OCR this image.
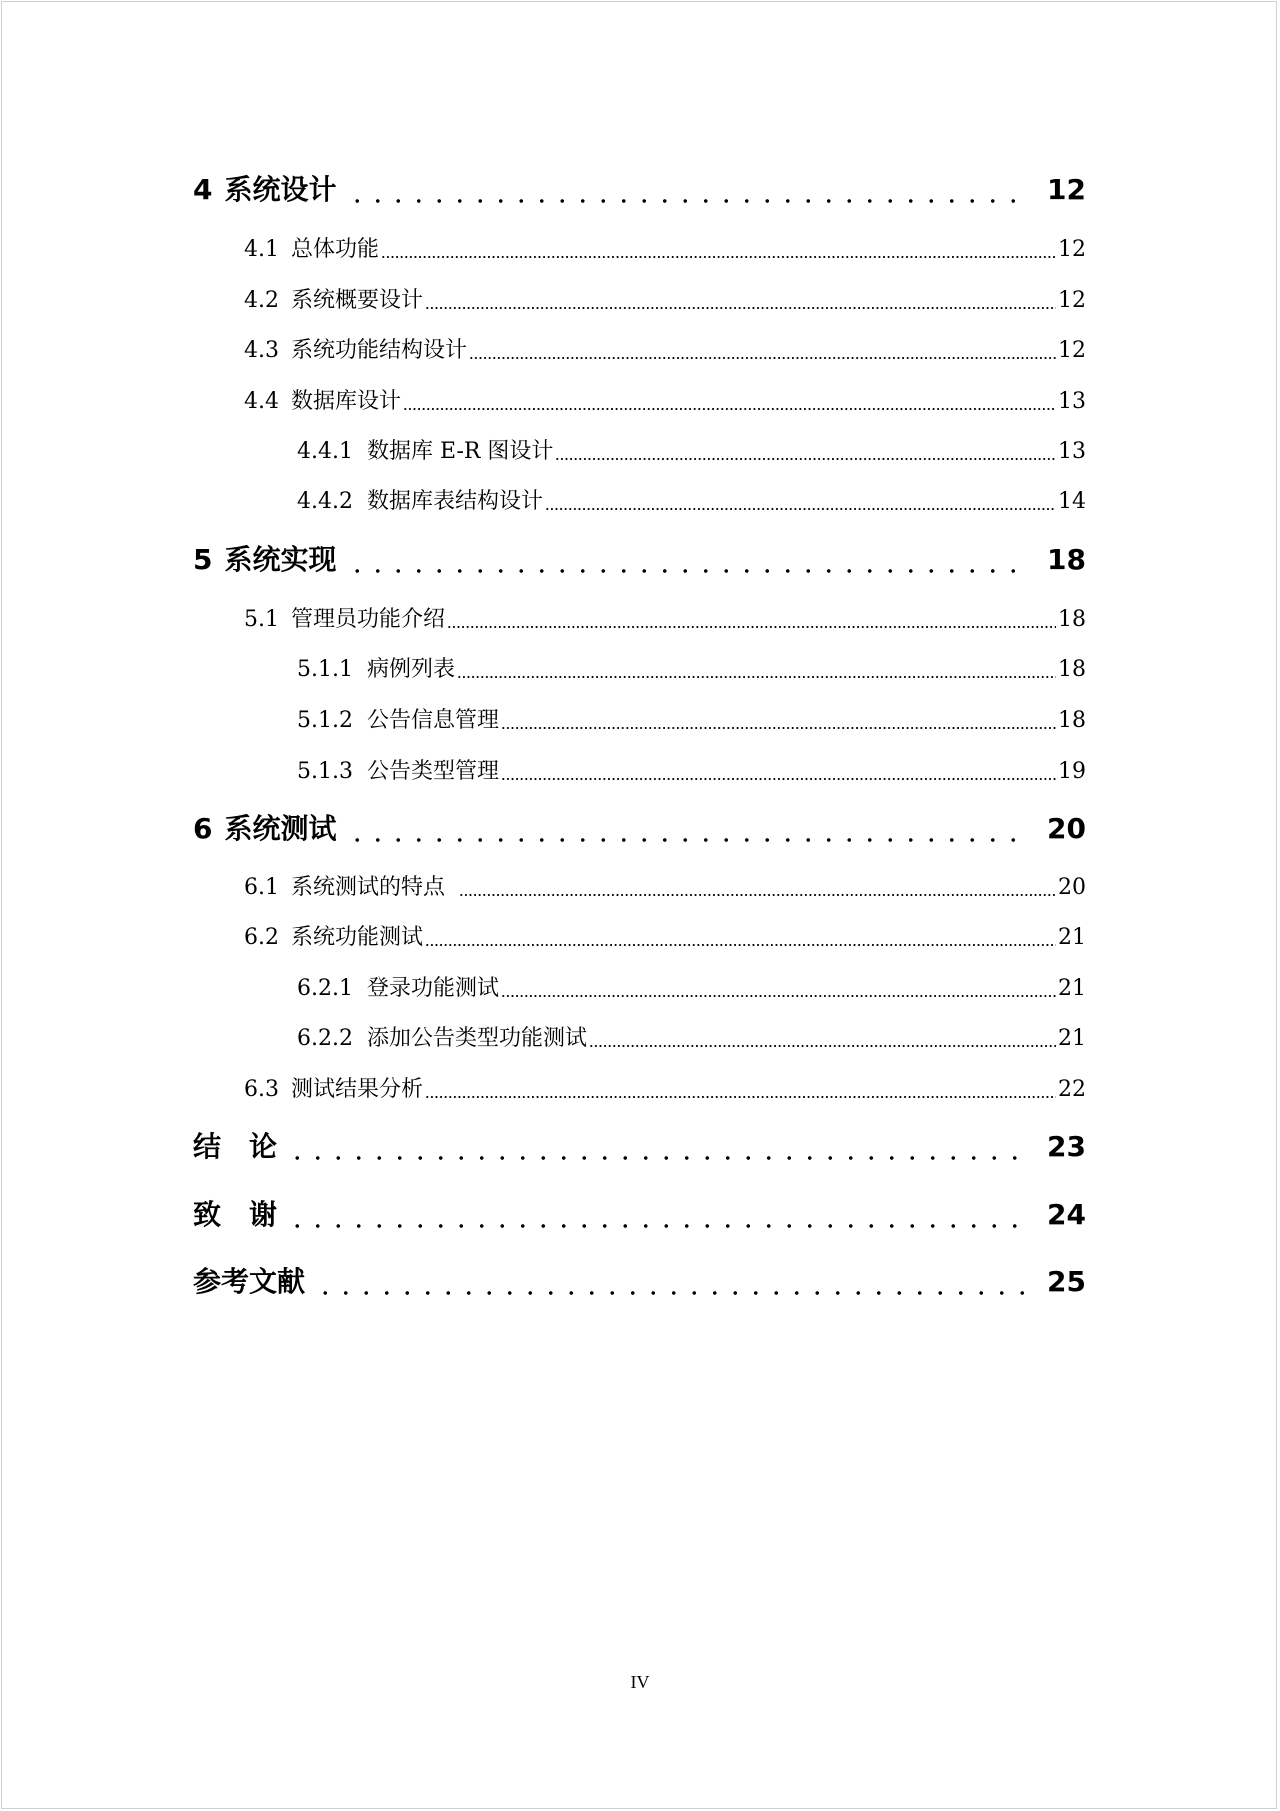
4 系统设计	12
4.1 总体功能	12
4.2 系统概要设计	12
4.3 系统功能结构设计	12
4.4 数据库设计	13
4.4.1 数据库 E-R 图设计	13
4.4.2 数据库表结构设计	14
5 系统实现	18
5.1 管理员功能介绍	18
5.1.1 病例列表	18
5.1.2 公告信息管理	18
5.1.3 公告类型管理	19
6 系统测试	20
6.1 系统测试的特点	20
6.2 系统功能测试	21
6.2.1 登录功能测试	21
6.2.2 添加公告类型功能测试	21
6.3 测试结果分析	22
结　论	23
致　谢	24
参考文献	25
IV
